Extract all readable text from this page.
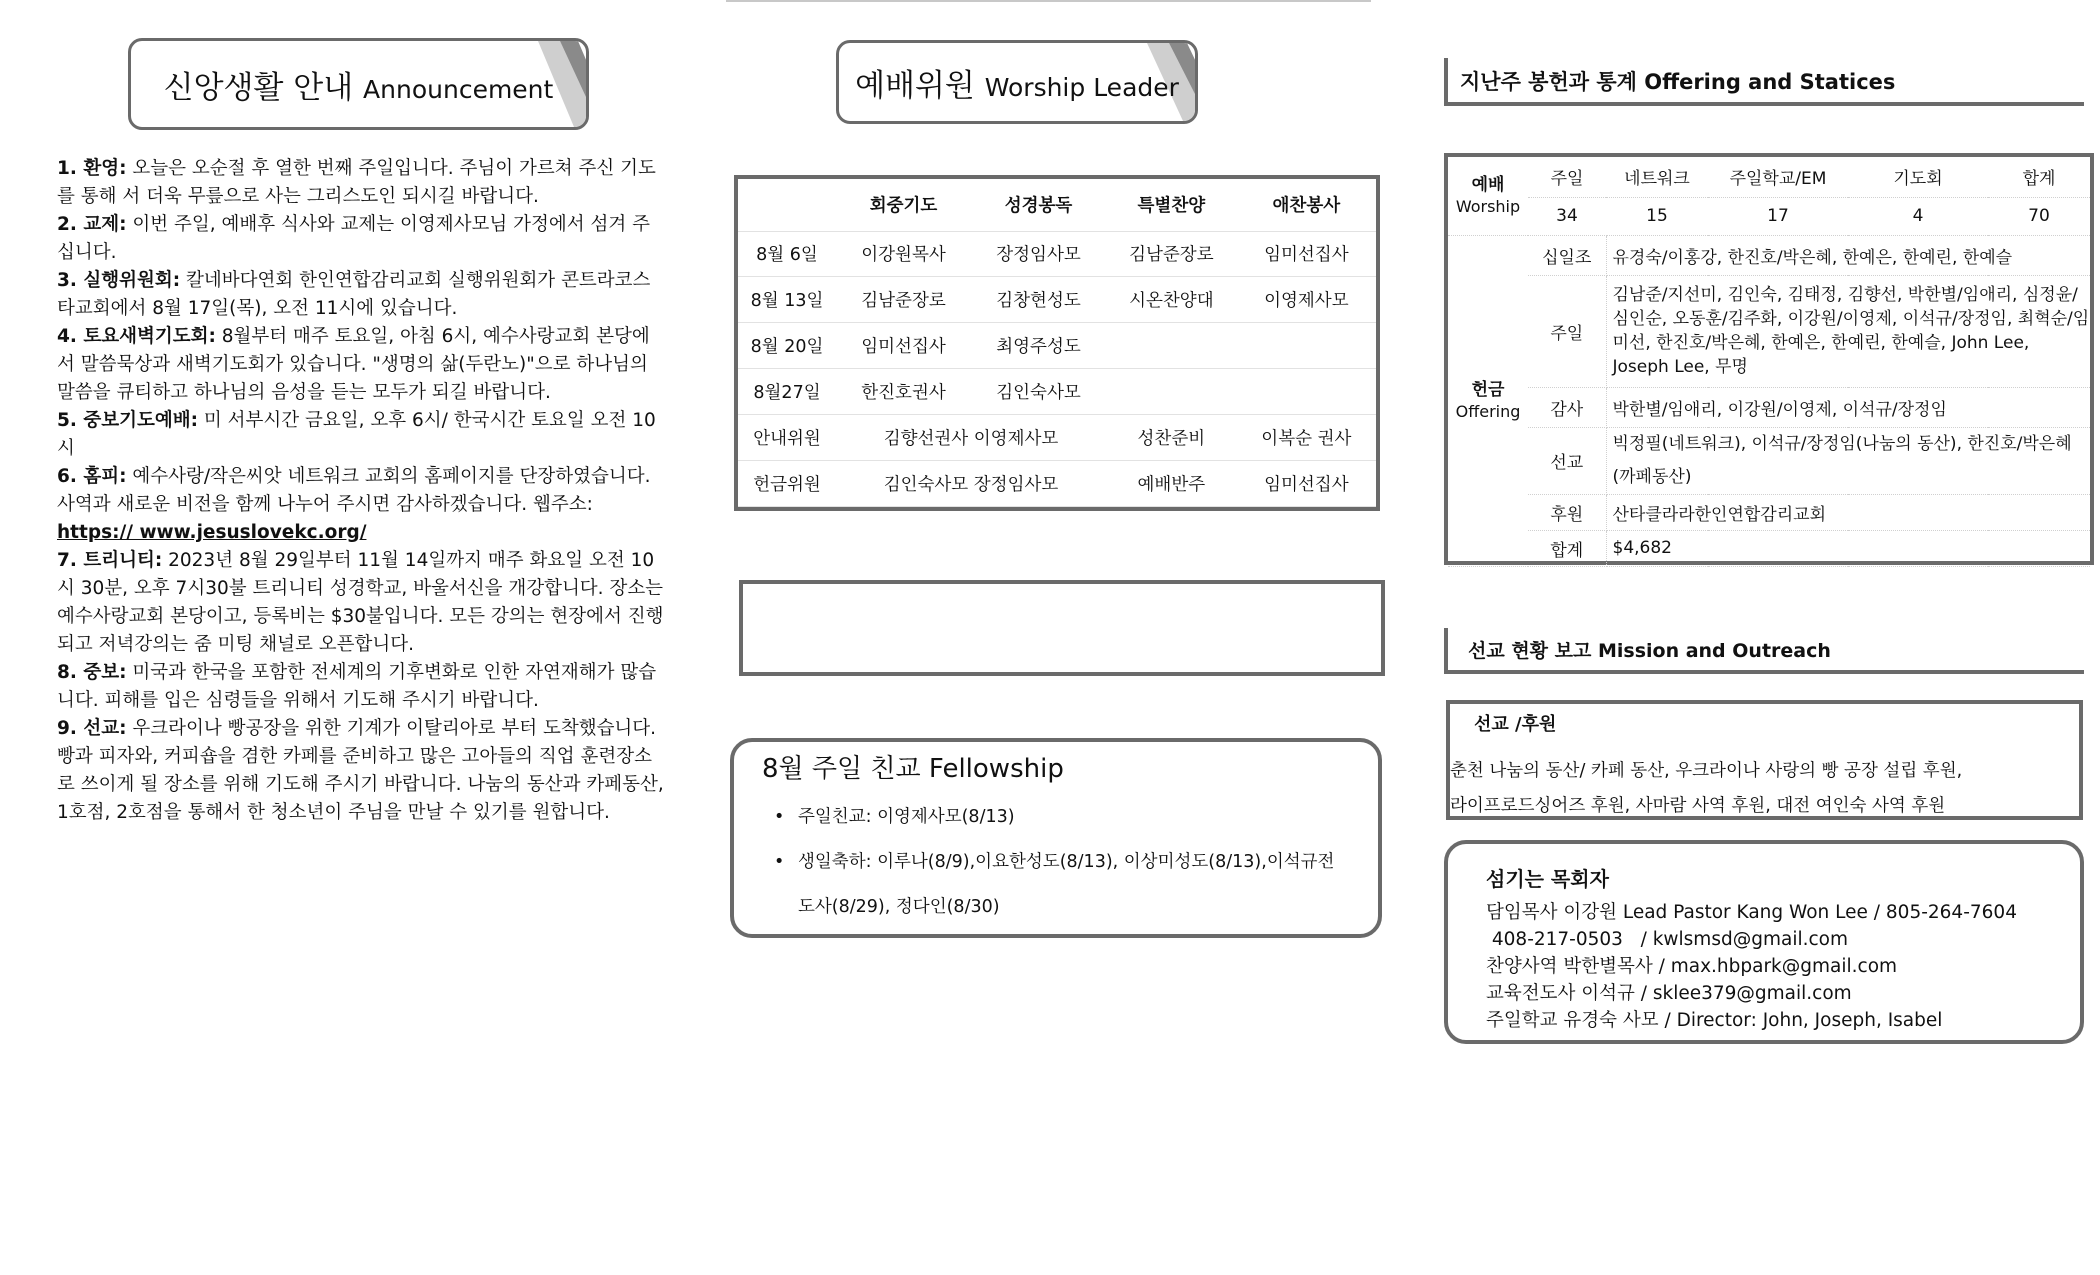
신앙생활 안내 Announcement

1. 환영: 오늘은 오순절 후 열한 번째 주일입니다. 주님이 가르쳐 주신 기도를 통해 서 더욱 무릎으로 사는 그리스도인 되시길 바랍니다.

2. 교제: 이번 주일, 예배후 식사와 교제는 이영제사모님 가정에서 섬겨 주십니다.

3. 실행위원회: 칼네바다연회 한인연합감리교회 실행위원회가 콘트라코스타교회에서 8월 17일(목), 오전 11시에 있습니다.

4. 토요새벽기도회: 8월부터 매주 토요일, 아침 6시, 예수사랑교회 본당에서 말씀묵상과 새벽기도회가 있습니다. "생명의 삶(두란노)"으로 하나님의 말씀을 큐티하고 하나님의 음성을 듣는 모두가 되길 바랍니다.

5. 중보기도예배: 미 서부시간 금요일, 오후 6시/ 한국시간 토요일 오전 10시

6. 홈피: 예수사랑/작은씨앗 네트워크 교회의 홈페이지를 단장하였습니다. 사역과 새로운 비전을 함께 나누어 주시면 감사하겠습니다. 웹주소: https:// www.jesuslovekc.org/

7. 트리니티: 2023년 8월 29일부터 11월 14일까지 매주 화요일 오전 10시 30분, 오후 7시30불 트리니티 성경학교, 바울서신을 개강합니다. 장소는 예수사랑교회 본당이고, 등록비는 $30불입니다. 모든 강의는 현장에서 진행되고 저녁강의는 줌 미팅 채널로 오픈합니다.

8. 중보: 미국과 한국을 포함한 전세계의 기후변화로 인한 자연재해가 많습니다. 피해를 입은 심령들을 위해서 기도해 주시기 바랍니다.

9. 선교: 우크라이나 빵공장을 위한 기계가 이탈리아로 부터 도착했습니다. 빵과 피자와, 커피숍을 겸한 카페를 준비하고 많은 고아들의 직업 훈련장소로 쓰이게 될 장소를 위해 기도해 주시기 바랍니다. 나눔의 동산과 카페동산, 1호점, 2호점을 통해서 한 청소년이 주님을 만날 수 있기를 원합니다.

예배위원 Worship Leader
	회중기도	성경봉독	특별찬양	애찬봉사
8월 6일	이강원목사	장정임사모	김남준장로	임미선집사
8월 13일	김남준장로	김창현성도	시온찬양대	이영제사모
8월 20일	임미선집사	최영주성도		
8월27일	한진호권사	김인숙사모		
안내위원	김향선권사 이영제사모		성찬준비	이복순 권사
헌금위원	김인숙사모 장정임사모		예배반주	임미선집사
8월 주일 친교 Fellowship
• 주일친교: 이영제사모(8/13)
• 생일축하: 이루나(8/9),이요한성도(8/13), 이상미성도(8/13),이석규전도사(8/29), 정다인(8/30)
지난주 봉헌과 통계 Offering and Statices
예배
Worship	주일	네트워크	주일학교/EM	기도회	합계
	34	15	17	4	70
헌금
Offering	십일조	유경숙/이홍강, 한진호/박은혜, 한예은, 한예린, 한예슬			
	주일	김남준/지선미, 김인숙, 김태정, 김향선, 박한별/임애리, 심정윤/심인순, 오동훈/김주화, 이강원/이영제, 이석규/장정임, 최혁순/임미선, 한진호/박은혜, 한예은, 한예린, 한예슬, John Lee, Joseph Lee, 무명			
	감사	박한별/임애리, 이강원/이영제, 이석규/장정임			
	선교	빅정필(네트워크), 이석규/장정임(나눔의 동산), 한진호/박은혜(까페동산)			
	후원	산타클라라한인연합감리교회			
	합계	$4,682			
선교 현황 보고 Mission and Outreach
선교 /후원
춘천 나눔의 동산/ 카페 동산, 우크라이나 사랑의 빵 공장 설립 후원,
라이프로드싱어즈 후원, 사마람 사역 후원, 대전 여인숙 사역 후원
섬기는 목회자
담임목사 이강원 Lead Pastor Kang Won Lee / 805-264-7604
408-217-0503   / kwlsmsd@gmail.com
찬양사역 박한별목사 / max.hbpark@gmail.com
교육전도사 이석규 / sklee379@gmail.com
주일학교 유경숙 사모 / Director: John, Joseph, Isabel
